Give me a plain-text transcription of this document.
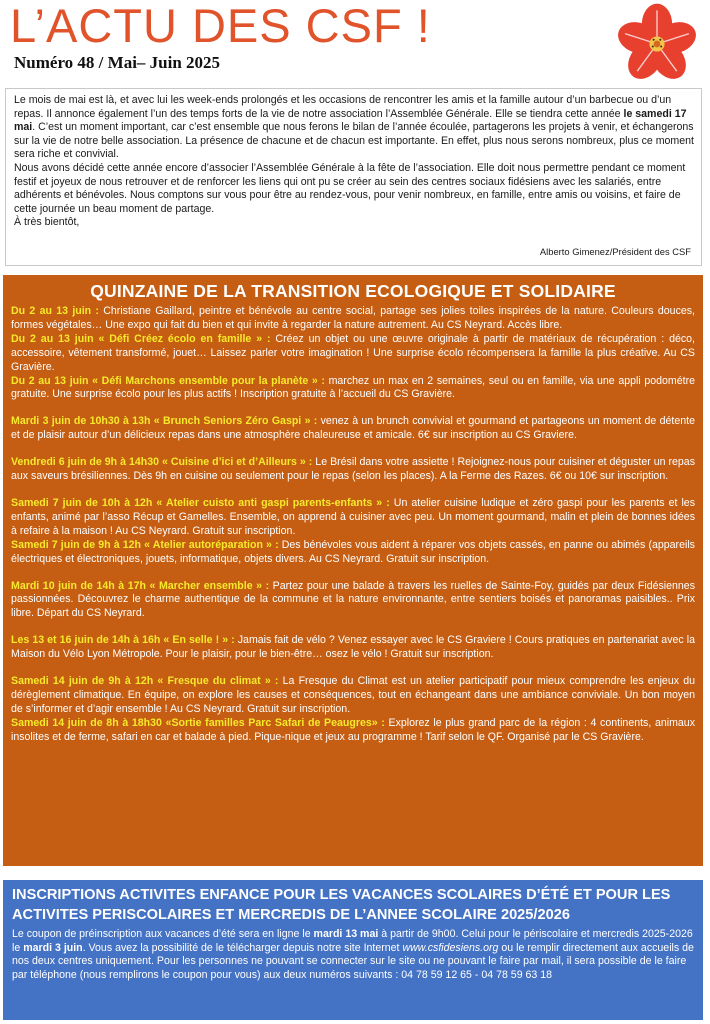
L’ACTU DES CSF !

Numéro 48 / Mai– Juin 2025

Le mois de mai est là, et avec lui les week-ends prolongés et les occasions de rencontrer les amis et la famille autour d’un barbecue ou d’un repas. Il annonce également l’un des temps forts de la vie de notre association l’Assemblée Générale. Elle se tiendra cette année le samedi 17 mai. C’est un moment important, car c’est ensemble que nous ferons le bilan de l’année écoulée, partagerons les projets à venir, et échangerons sur la vie de notre belle association. La présence de chacune et de chacun est importante. En effet, plus nous serons nombreux, plus ce moment sera riche et convivial.

Nous avons décidé cette année encore d’associer l’Assemblée Générale à la fête de l’association. Elle doit nous permettre pendant ce moment festif et joyeux de nous retrouver et de renforcer les liens qui ont pu se créer au sein des centres sociaux fidésiens avec les salariés, entre adhérents et bénévoles. Nous comptons sur vous pour être au rendez-vous, pour venir nombreux, en famille, entre amis ou voisins, et faire de cette journée un beau moment de partage.

À très bientôt,

Alberto Gimenez/Président des CSF
QUINZAINE DE LA TRANSITION ECOLOGIQUE ET SOLIDAIRE

Du 2 au 13 juin : Christiane Gaillard, peintre et bénévole au centre social, partage ses jolies toiles inspirées de la nature. Couleurs douces, formes végétales… Une expo qui fait du bien et qui invite à regarder la nature autrement. Au CS Neyrard. Accès libre.

Du 2 au 13 juin « Défi Créez écolo en famille » : Créez un objet ou une œuvre originale à partir de matériaux de récupération : déco, accessoire, vêtement transformé, jouet… Laissez parler votre imagination ! Une surprise écolo récompensera la famille la plus créative. Au CS Gravière.

Du 2 au 13 juin « Défi Marchons ensemble pour la planète » : marchez un max en 2 semaines, seul ou en famille, via une appli podométre gratuite. Une surprise écolo pour les plus actifs ! Inscription gratuite à l’accueil du CS Gravière.

Mardi 3 juin de 10h30 à 13h « Brunch Seniors Zéro Gaspi » : venez à un brunch convivial et gourmand et partageons un moment de détente et de plaisir autour d’un délicieux repas dans une atmosphère chaleureuse et amicale. 6€ sur inscription au CS Graviere.

Vendredi 6 juin de 9h à 14h30 « Cuisine d’ici et d’Ailleurs » : Le Brésil dans votre assiette ! Rejoignez-nous pour cuisiner et déguster un repas aux saveurs brésiliennes. Dès 9h en cuisine ou seulement pour le repas (selon les places). A la Ferme des Razes. 6€ ou 10€ sur inscription.

Samedi 7 juin de 10h à 12h « Atelier cuisto anti gaspi parents-enfants » : Un atelier cuisine ludique et zéro gaspi pour les parents et les enfants, animé par l’asso Récup et Gamelles. Ensemble, on apprend à cuisiner avec peu. Un moment gourmand, malin et plein de bonnes idées à refaire à la maison ! Au CS Neyrard. Gratuit sur inscription.

Samedi 7 juin de 9h à 12h « Atelier autoréparation » : Des bénévoles vous aident à réparer vos objets cassés, en panne ou abimés (appareils électriques et électroniques, jouets, informatique, objets divers. Au CS Neyrard. Gratuit sur inscription.

Mardi 10 juin de 14h à 17h « Marcher ensemble » : Partez pour une balade à travers les ruelles de Sainte-Foy, guidés par deux Fidésiennes passionnées. Découvrez le charme authentique de la commune et la nature environnante, entre sentiers boisés et panoramas paisibles.. Prix libre. Départ du CS Neyrard.

Les 13 et 16 juin de 14h à 16h « En selle ! » : Jamais fait de vélo ? Venez essayer avec le CS Graviere ! Cours pratiques en partenariat avec la Maison du Vélo Lyon Métropole. Pour le plaisir, pour le bien-être… osez le vélo ! Gratuit sur inscription.

Samedi 14 juin de 9h à 12h « Fresque du climat » : La Fresque du Climat est un atelier participatif pour mieux comprendre les enjeux du dérèglement climatique. En équipe, on explore les causes et conséquences, tout en échangeant dans une ambiance conviviale. Un bon moyen de s’informer et d’agir ensemble ! Au CS Neyrard. Gratuit sur inscription.

Samedi 14 juin de 8h à 18h30 «Sortie familles Parc Safari de Peaugres» : Explorez le plus grand parc de la région : 4 continents, animaux insolites et de ferme, safari en car et balade à pied. Pique-nique et jeux au programme ! Tarif selon le QF. Organisé par le CS Gravière.

INSCRIPTIONS ACTIVITES ENFANCE POUR LES VACANCES SCOLAIRES D’ÉTÉ ET POUR LES ACTIVITES PERISCOLAIRES ET MERCREDIS DE L’ANNEE SCOLAIRE 2025/2026

Le coupon de préinscription aux vacances d’été sera en ligne le mardi 13 mai à partir de 9h00. Celui pour le périscolaire et mercredis 2025-2026 le mardi 3 juin. Vous avez la possibilité de le télécharger depuis notre site Internet www.csfidesiens.org ou le remplir directement aux accueils de nos deux centres uniquement. Pour les personnes ne pouvant se connecter sur le site ou ne pouvant le faire par mail, il sera possible de le faire par téléphone (nous remplirons le coupon pour vous) aux deux numéros suivants : 04 78 59 12 65 - 04 78 59 63 18
